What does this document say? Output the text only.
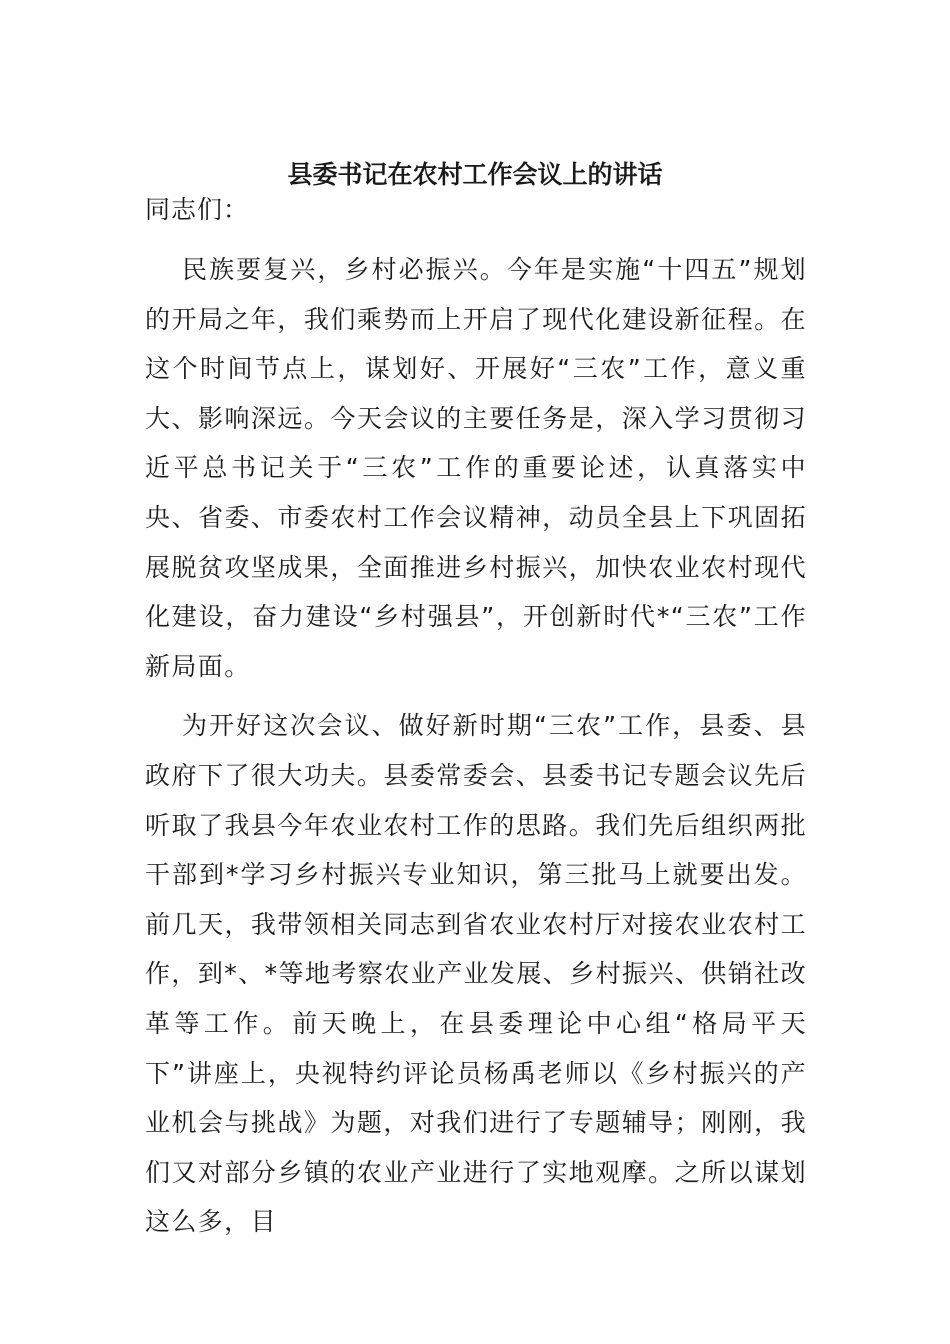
县委书记在农村工作会议上的讲话

同志们：

民族要复兴，乡村必振兴。今年是实施“十四五”规划的开局之年，我们乘势而上开启了现代化建设新征程。在这个时间节点上，谋划好、开展好“三农”工作，意义重大、影响深远。今天会议的主要任务是，深入学习贯彻习近平总书记关于“三农”工作的重要论述，认真落实中央、省委、市委农村工作会议精神，动员全县上下巩固拓展脱贫攻坚成果，全面推进乡村振兴，加快农业农村现代化建设，奋力建设“乡村强县”，开创新时代*“三农”工作新局面。

为开好这次会议、做好新时期“三农”工作，县委、县政府下了很大功夫。县委常委会、县委书记专题会议先后听取了我县今年农业农村工作的思路。我们先后组织两批干部到*学习乡村振兴专业知识，第三批马上就要出发。前几天，我带领相关同志到省农业农村厅对接农业农村工作，到*、*等地考察农业产业发展、乡村振兴、供销社改革等工作。前天晚上，在县委理论中心组“格局平天下”讲座上，央视特约评论员杨禹老师以《乡村振兴的产业机会与挑战》为题，对我们进行了专题辅导；刚刚，我们又对部分乡镇的农业产业进行了实地观摩。之所以谋划这么多，目
